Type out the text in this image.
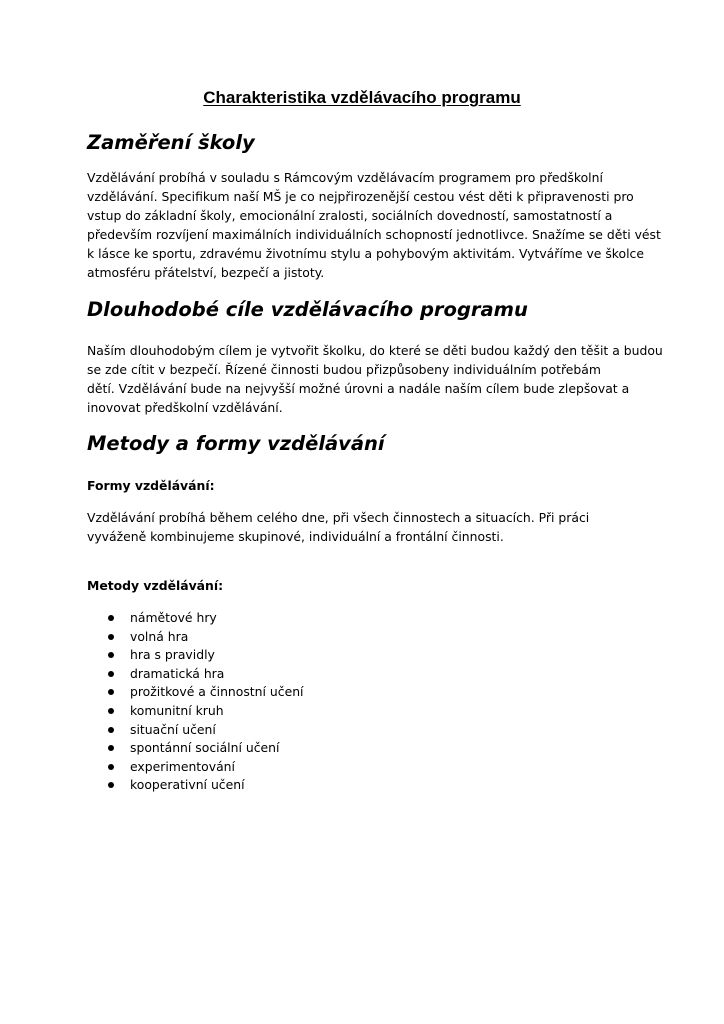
Charakteristika vzdělávacího programu
Zaměření školy
Vzdělávání probíhá v souladu s Rámcovým vzdělávacím programem pro předškolní
vzdělávání. Specifikum naší MŠ je co nejpřirozenější cestou vést děti k připravenosti pro
vstup do základní školy, emocionální zralosti, sociálních dovedností, samostatností a
především rozvíjení maximálních individuálních schopností jednotlivce. Snažíme se děti vést
k lásce ke sportu, zdravému životnímu stylu a pohybovým aktivitám. Vytváříme ve školce
atmosféru přátelství, bezpečí a jistoty.
Dlouhodobé cíle vzdělávacího programu
Naším dlouhodobým cílem je vytvořit školku, do které se děti budou každý den těšit a budou
se zde cítit v bezpečí. Řízené činnosti budou přizpůsobeny individuálním potřebám
dětí. Vzdělávání bude na nejvyšší možné úrovni a nadále naším cílem bude zlepšovat a
inovovat předškolní vzdělávání.
Metody a formy vzdělávání

Formy vzdělávání:

Vzdělávání probíhá během celého dne, při všech činnostech a situacích. Při práci
vyváženě kombinujeme skupinové, individuální a frontální činnosti.

Metody vzdělávání:

námětové hry
volná hra
hra s pravidly
dramatická hra
prožitkové a činnostní učení
komunitní kruh
situační učení
spontánní sociální učení
experimentování
kooperativní učení
